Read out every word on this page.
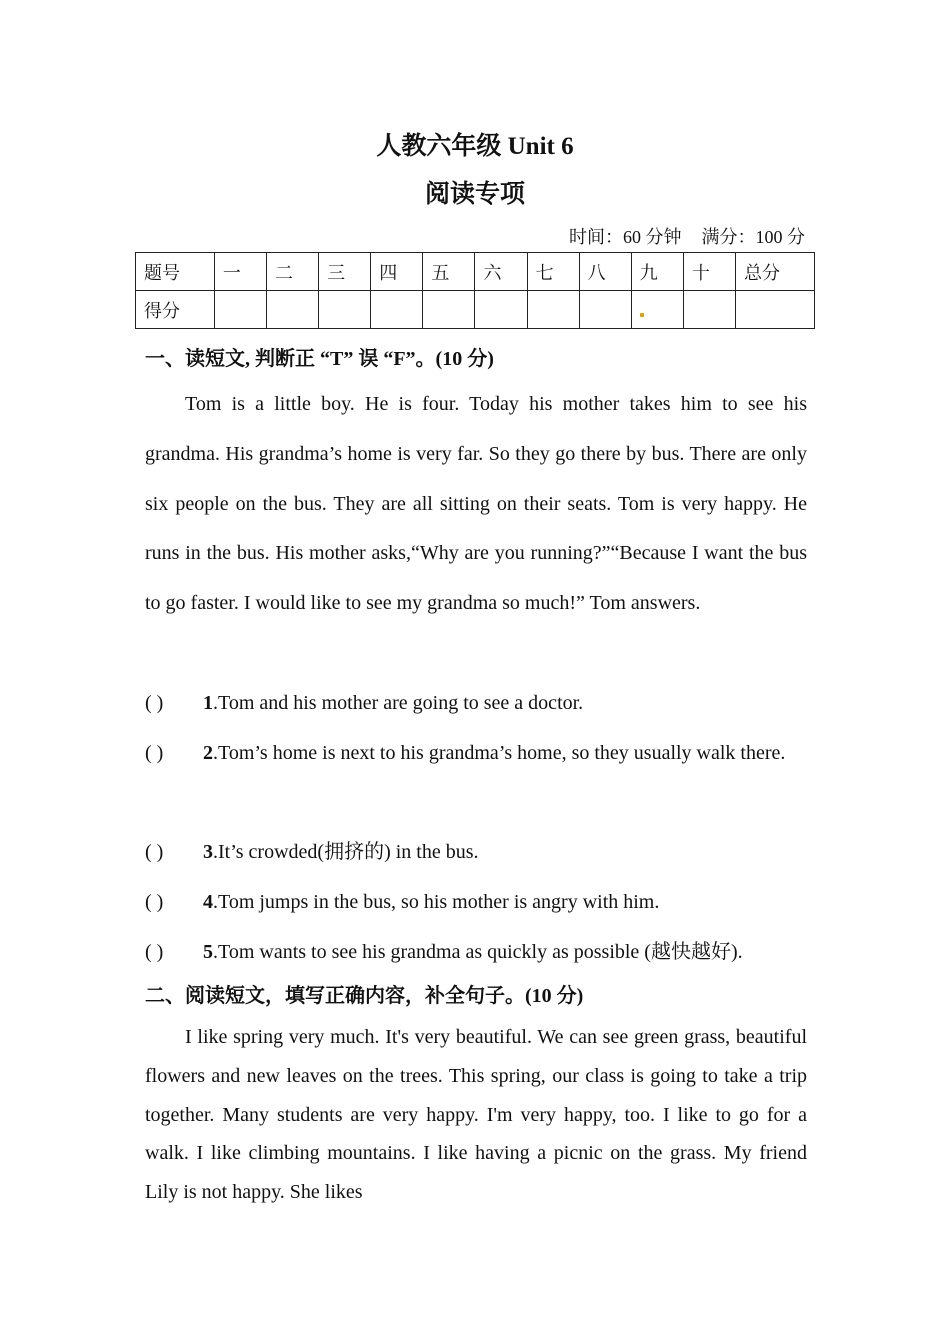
人教六年级 Unit 6
阅读专项
时间：60 分钟 满分：100 分
题号	一	二	三	四	五	六	七	八	九	十	总分
得分											
一、读短文, 判断正 “T” 误 “F”。(10 分)

Tom is a little boy. He is four. Today his mother takes him to see his grandma. His grandma’s home is very far. So they go there by bus. There are only six people on the bus. They are all sitting on their seats. Tom is very happy. He runs in the bus. His mother asks,“Why are you running?”“Because I want the bus to go faster. I would like to see my grandma so much!” Tom answers.

( ) 1.Tom and his mother are going to see a doctor.
( ) 2.Tom’s home is next to his grandma’s home, so they usually walk there.
( ) 3.It’s crowded(拥挤的) in the bus.
( ) 4.Tom jumps in the bus, so his mother is angry with him.
( ) 5.Tom wants to see his grandma as quickly as possible (越快越好).
二、阅读短文，填写正确内容，补全句子。(10 分)

I like spring very much. It's very beautiful. We can see green grass, beautiful flowers and new leaves on the trees. This spring, our class is going to take a trip together. Many students are very happy. I'm very happy, too. I like to go for a walk. I like climbing mountains. I like having a picnic on the grass. My friend Lily is not happy. She likes
